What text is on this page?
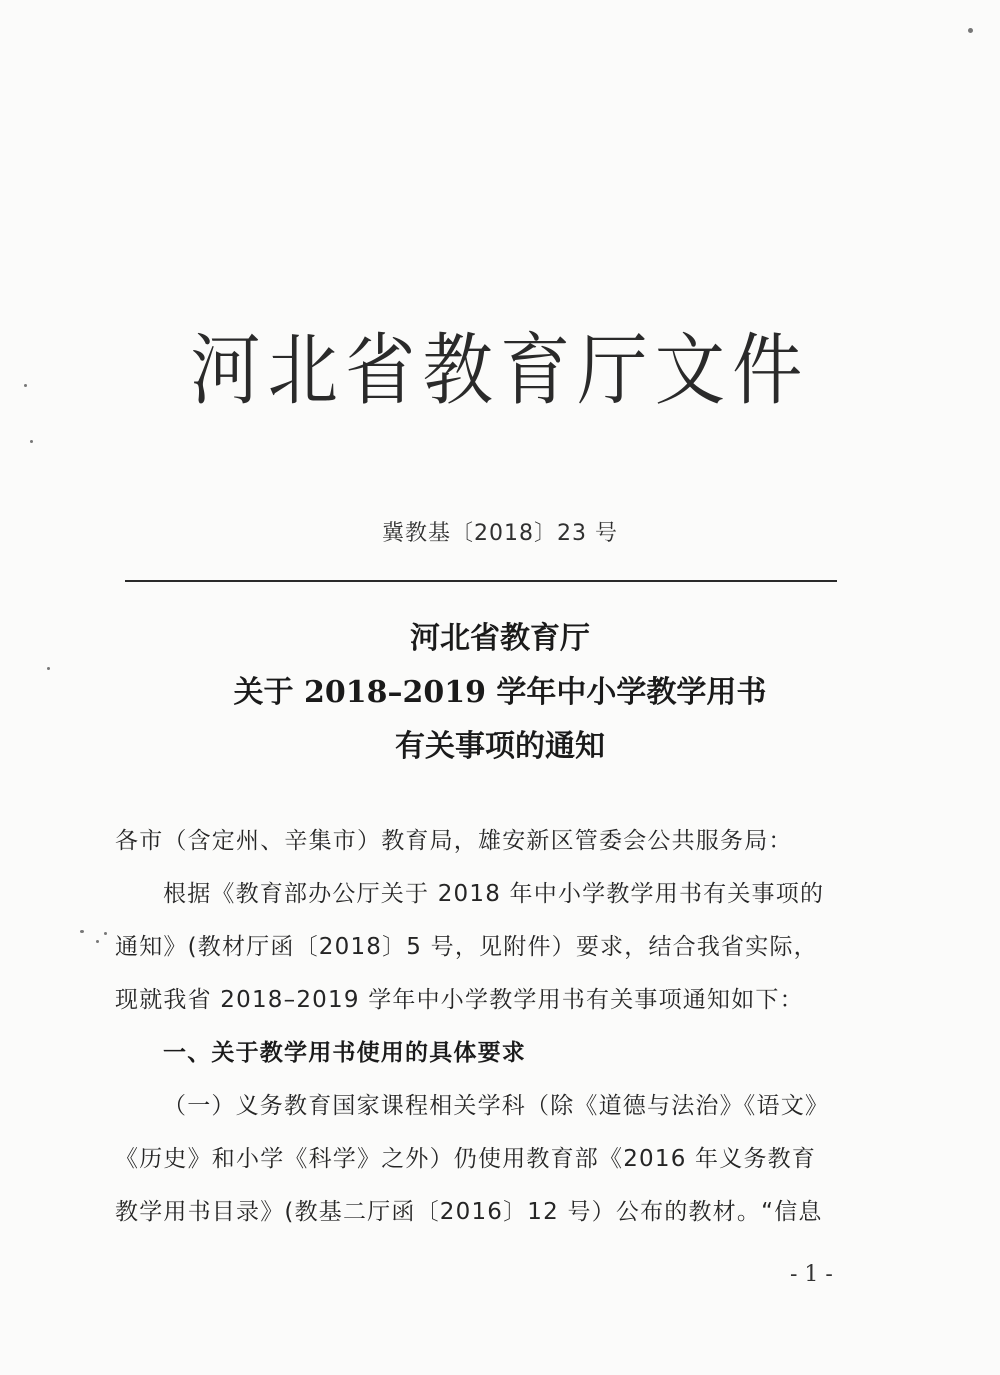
河北省教育厅文件
冀教基〔2018〕23 号
河北省教育厅
关于 2018–2019 学年中小学教学用书
有关事项的通知
各市（含定州、辛集市）教育局，雄安新区管委会公共服务局：
根据《教育部办公厅关于 2018 年中小学教学用书有关事项的
通知》(教材厅函〔2018〕5 号，见附件）要求，结合我省实际，
现就我省 2018–2019 学年中小学教学用书有关事项通知如下：
一、关于教学用书使用的具体要求
（一）义务教育国家课程相关学科（除《道德与法治》《语文》
《历史》和小学《科学》之外）仍使用教育部《2016 年义务教育
教学用书目录》(教基二厅函〔2016〕12 号）公布的教材。“信息
- 1 -
